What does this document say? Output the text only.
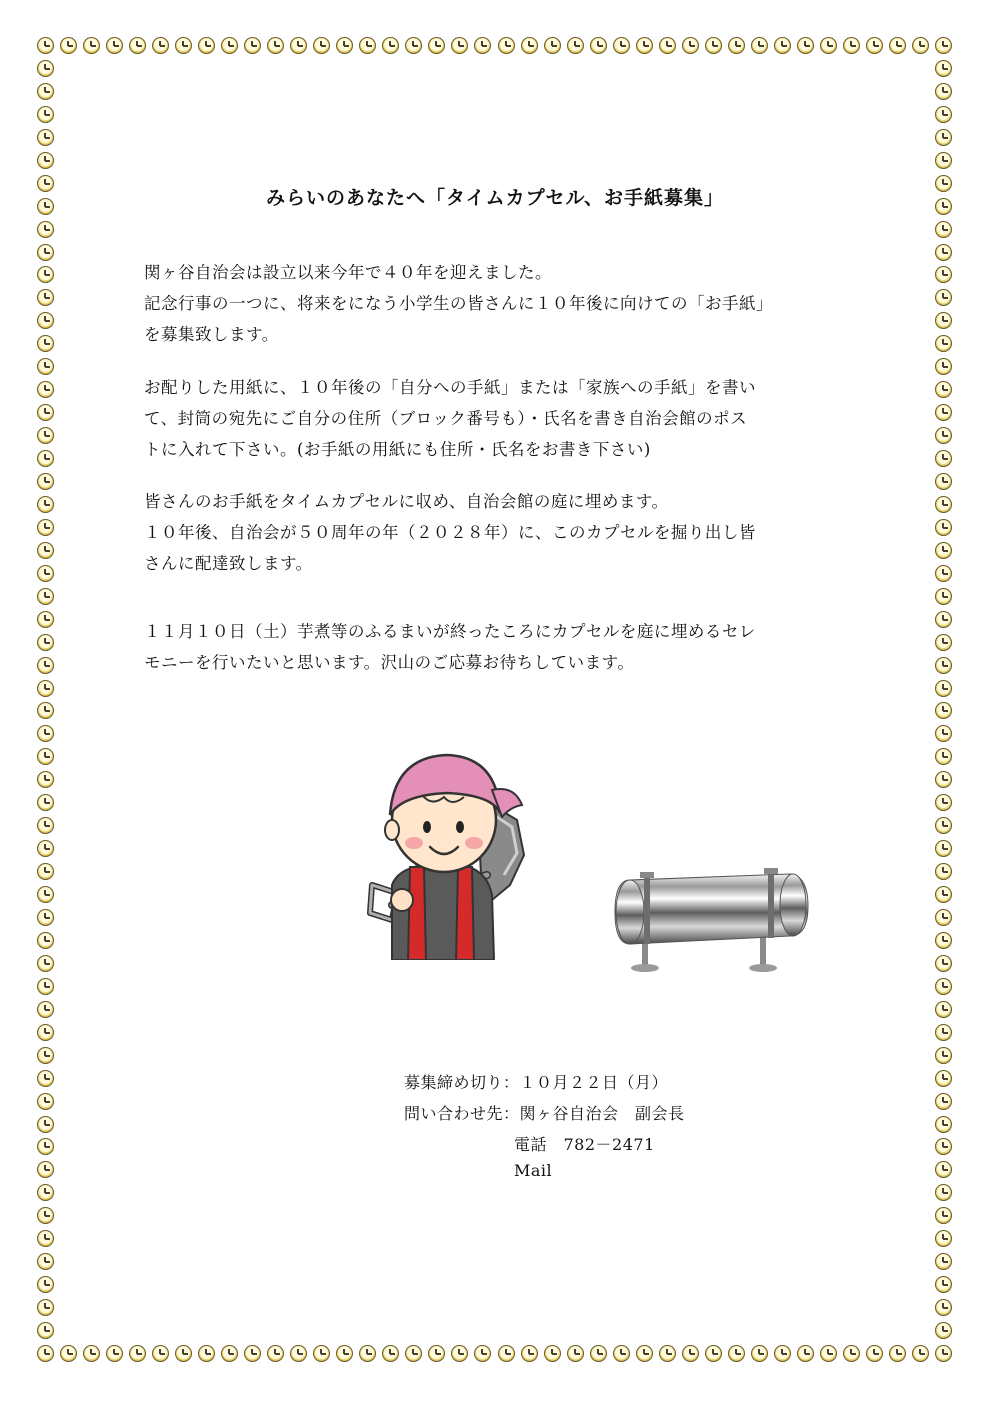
みらいのあなたへ「タイムカプセル、お手紙募集」

関ヶ谷自治会は設立以来今年で４０年を迎えました。
記念行事の一つに、将来をになう小学生の皆さんに１０年後に向けての「お手紙」
を募集致します。

お配りした用紙に、１０年後の「自分への手紙」または「家族への手紙」を書い
て、封筒の宛先にご自分の住所（ブロック番号も）・氏名を書き自治会館のポス
トに入れて下さい。(お手紙の用紙にも住所・氏名をお書き下さい)

皆さんのお手紙をタイムカプセルに収め、自治会館の庭に埋めます。
１０年後、自治会が５０周年の年（２０２８年）に、このカプセルを掘り出し皆
さんに配達致します。

１１月１０日（土）芋煮等のふるまいが終ったころにカプセルを庭に埋めるセレ
モニーを行いたいと思います。沢山のご応募お待ちしています。

募集締め切り：１０月２２日（月）
問い合わせ先：関ヶ谷自治会　副会長
電話　782－2471
Mail
